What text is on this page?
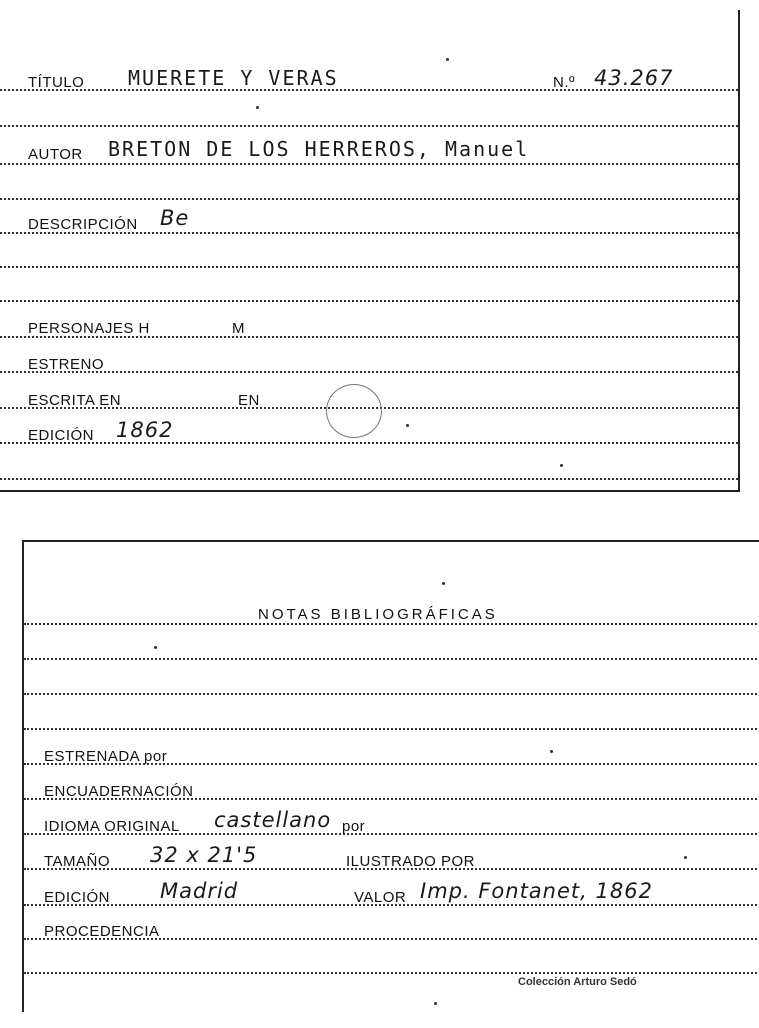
TÍTULO MUERETE Y VERAS	N.º 43.267
AUTOR BRETON DE LOS HERREROS, Manuel
DESCRIPCIÓN Be
PERSONAJES H	M
ESTRENO
ESCRITA EN	EN
EDICIÓN 1862
NOTAS BIBLIOGRÁFICAS
ESTRENADA por
ENCUADERNACIÓN
IDIOMA ORIGINAL castellano por
TAMAÑO 32 x 21'5	ILUSTRADO POR
EDICIÓN Madrid	VALOR Imp. Fontanet, 1862
PROCEDENCIA
Colección Arturo Sedó
